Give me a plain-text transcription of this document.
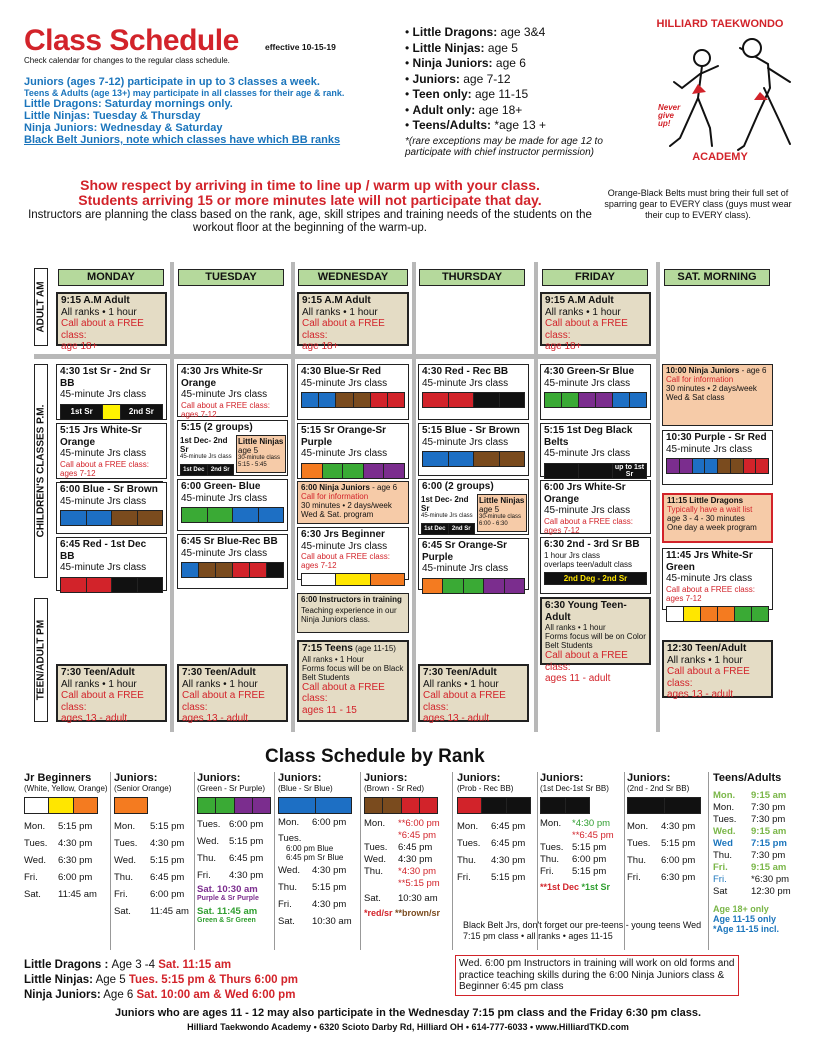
Class Schedule	effective 10-15-19
Check calendar for changes to the regular class schedule.
Juniors (ages 7-12) participate in up to 3 classes a week.
Teens & Adults (age 13+) may participate in all classes for their age & rank.
Little Dragons: Saturday mornings only.
Little Ninjas: Tuesday & Thursday
Ninja Juniors: Wednesday & Saturday
Black Belt Juniors, note which classes have which BB ranks
• Little Dragons: age 3&4
• Little Ninjas: age 5
• Ninja Juniors: age 6
• Juniors: age 7-12
• Teen only: age 11-15
• Adult only: age 18+
• Teens/Adults: *age 13 +
*(rare exceptions may be made for age 12 to participate with chief instructor permission)
HILLIARD TAEKWONDO
Never give up!
ACADEMY
Show respect by arriving in time to line up / warm up with your class.
Students arriving 15 or more minutes late will not participate that day.
Instructors are planning the class based on the rank, age, skill stripes and training needs of the students on the workout floor at the beginning of the warm-up.
Orange-Black Belts must bring their full set of sparring gear to EVERY class (guys must wear their cup to EVERY class).
MONDAY	TUESDAY	WEDNESDAY	THURSDAY	FRIDAY	SAT. MORNING
ADULT AM
CHILDREN'S CLASSES P.M.
TEEN/ADULT PM
9:15 A.M Adult
All ranks • 1 hour
Call about a FREE class:
age 18+
9:15 A.M Adult
All ranks • 1 hour
Call about a FREE class:
age 18+
9:15 A.M Adult
All ranks • 1 hour
Call about a FREE class:
age 18+
4:30 1st Sr - 2nd Sr BB
45-minute Jrs class
1st Sr	2nd Sr
5:15 Jrs White-Sr Orange
45-minute Jrs class
Call about a FREE class: ages 7-12
6:00 Blue - Sr Brown
45-minute Jrs class
6:45 Red - 1st Dec BB
45-minute Jrs class
7:30 Teen/Adult
All ranks • 1 hour
Call about a FREE class:
ages 13 - adult
4:30 Jrs White-Sr Orange
45-minute Jrs class
Call about a FREE class: ages 7-12
5:15 (2 groups)
1st Dec- 2nd Sr
45-minute Jrs class
1st Dec	2nd Sr
Little Ninjas
age 5
30-minute class
5:15 - 5:45
6:00 Green- Blue
45-minute Jrs class
6:45 Sr Blue-Rec BB
45-minute Jrs class
7:30 Teen/Adult
All ranks • 1 hour
Call about a FREE class:
ages 13 - adult
4:30 Blue-Sr Red
45-minute Jrs class
5:15 Sr Orange-Sr Purple
45-minute Jrs class
6:00 Ninja Juniors - age 6
Call for information
30 minutes • 2 days/week
Wed & Sat. program
6:30 Jrs Beginner
45-minute Jrs class
Call about a FREE class: ages 7-12
6:00 Instructors in training
Teaching experience in our Ninja Juniors class.
7:15 Teens (age 11-15)
All ranks • 1 Hour
Forms focus will be on Black Belt Students
Call about a FREE class:
ages 11 - 15
4:30 Red - Rec BB
45-minute Jrs class
5:15 Blue - Sr Brown
45-minute Jrs class
6:00 (2 groups)
1st Dec- 2nd Sr
45-minute Jrs class
1st Dec	2nd Sr
Little Ninjas
age 5
30-minute class
6:00 - 6:30
6:45 Sr Orange-Sr Purple
45-minute Jrs class
7:30 Teen/Adult
All ranks • 1 hour
Call about a FREE class:
ages 13 - adult
4:30 Green-Sr Blue
45-minute Jrs class
5:15 1st Deg Black Belts
45-minute Jrs class
up to 1st Sr
6:00 Jrs White-Sr Orange
45-minute Jrs class
Call about a FREE class: ages 7-12
6:30 2nd - 3rd Sr BB
1 hour Jrs class
overlaps teen/adult class
2nd Deg - 2nd Sr
6:30 Young Teen-Adult
All ranks • 1 hour
Forms focus will be on Color Belt Students
Call about a FREE class:
ages 11 - adult
10:00 Ninja Juniors - age 6
Call for information
30 minutes • 2 days/week
Wed & Sat class
10:30 Purple - Sr Red
45-minute Jrs class
11:15 Little Dragons
Typically have a wait list
age 3 - 4 - 30 minutes
One day a week program
11:45 Jrs White-Sr Green
45-minute Jrs class
Call about a FREE class: ages 7-12
12:30 Teen/Adult
All ranks • 1 hour
Call about a FREE class:
ages 13 - adult
Class Schedule by Rank
Jr Beginners
(White, Yellow, Orange)
Mon.	5:15 pm
Tues.	4:30 pm
Wed.	6:30 pm
Fri.	6:00 pm
Sat.	11:45 am
Juniors:
(Senior Orange)
Mon.	5:15 pm
Tues.	4:30 pm
Wed.	5:15 pm
Thu.	6:45 pm
Fri.	6:00 pm
Sat.	11:45 am
Juniors:
(Green - Sr Purple)
Tues.	6:00 pm
Wed.	5:15 pm
Thu.	6:45 pm
Fri.	4:30 pm
Sat. 10:30 am
Purple & Sr Purple
Sat. 11:45 am
Green & Sr Green
Juniors:
(Blue - Sr Blue)
Mon.	6:00 pm
Tues.
6:00 pm Blue
6:45 pm Sr Blue
Wed.	4:30 pm
Thu.	5:15 pm
Fri.	4:30 pm
Sat.	10:30 am
Juniors:
(Brown - Sr Red)
Mon.	**6:00 pm
	*6:45 pm
Tues.	6:45 pm
Wed.	4:30 pm
Thu.	*4:30 pm
	**5:15 pm
Sat.	10:30 am
*red/sr **brown/sr
Juniors:
(Prob - Rec BB)
Mon.	6:45 pm
Tues.	6:45 pm
Thu.	4:30 pm
Fri.	5:15 pm
Juniors:
(1st Dec-1st Sr BB)
Mon.	*4:30 pm
	**6:45 pm
Tues.	5:15 pm
Thu.	6:00 pm
Fri.	5:15 pm
**1st Dec *1st Sr
Juniors:
(2nd - 2nd Sr BB)
Mon.	4:30 pm
Tues.	5:15 pm
Thu.	6:00 pm
Fri.	6:30 pm
Teens/Adults
Mon.	9:15 am
Mon.	7:30 pm
Tues.	7:30 pm
Wed.	9:15 am
Wed	7:15 pm
Thu.	7:30 pm
Fri.	9:15 am
Fri.	*6:30 pm
Sat	12:30 pm
Age 18+ only
Age 11-15 only
*Age 11-15 incl.
Black Belt Jrs, don't forget our pre-teens - young teens Wed 7:15 pm class • all ranks • ages 11-15
Little Dragons : Age 3 -4 Sat. 11:15 am
Little Ninjas: Age 5 Tues. 5:15 pm & Thurs 6:00 pm
Ninja Juniors: Age 6 Sat. 10:00 am & Wed 6:00 pm
Wed. 6:00 pm Instructors in training will work on old forms and practice teaching skills during the 6:00 Ninja Juniors class & Beginner 6:45 pm class
Juniors who are ages 11 - 12 may also participate in the Wednesday 7:15 pm class and the Friday 6:30 pm class.
Hilliard Taekwondo Academy • 6320 Scioto Darby Rd, Hilliard OH • 614-777-6033 • www.HilliardTKD.com
